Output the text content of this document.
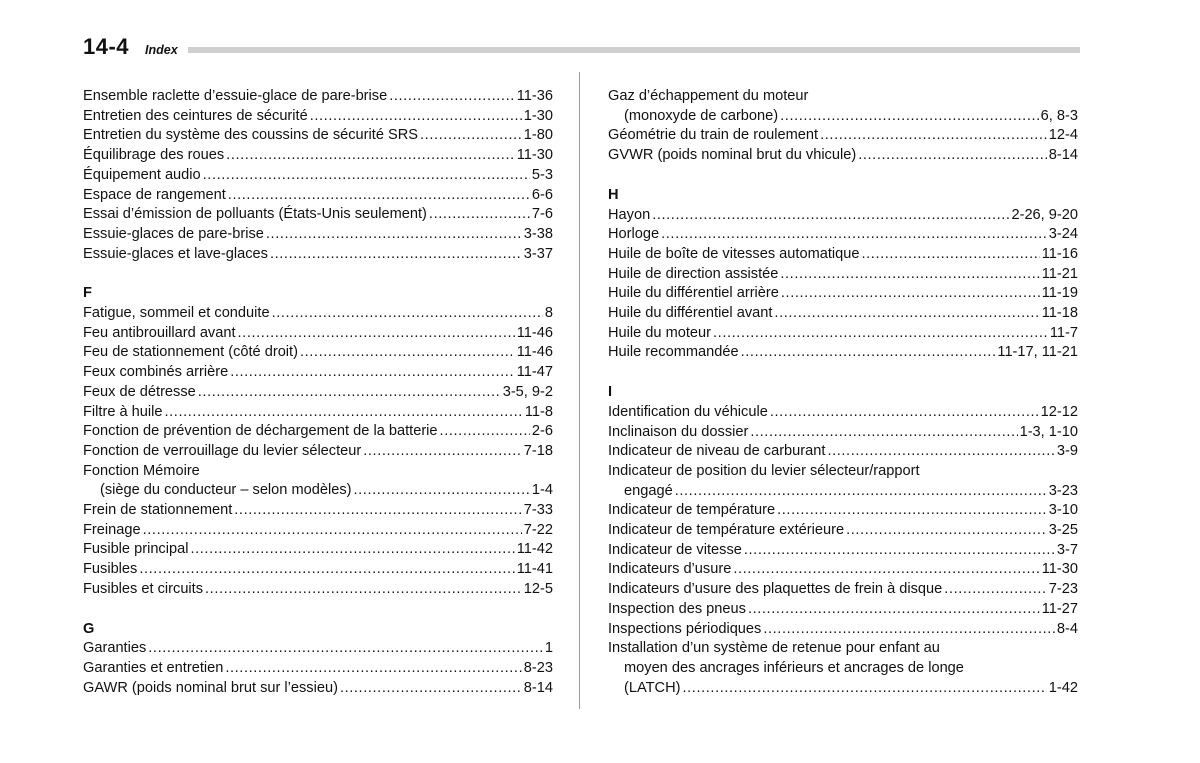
14-4 Index
Ensemble raclette d’essuie-glace de pare-brise .....	11-36
Entretien des ceintures de sécurité .....	1-30
Entretien du système des coussins de sécurité SRS .....	1-80
Équilibrage des roues .....	11-30
Équipement audio .....	5-3
Espace de rangement .....	6-6
Essai d’émission de polluants (États-Unis seulement) .....	7-6
Essuie-glaces de pare-brise .....	3-38
Essuie-glaces et lave-glaces .....	3-37
F
Fatigue, sommeil et conduite .....	8
Feu antibrouillard avant .....	11-46
Feu de stationnement (côté droit) .....	11-46
Feux combinés arrière .....	11-47
Feux de détresse .....	3-5, 9-2
Filtre à huile .....	11-8
Fonction de prévention de déchargement de la batterie .....	2-6
Fonction de verrouillage du levier sélecteur .....	7-18
Fonction Mémoire
(siège du conducteur – selon modèles) .....	1-4
Frein de stationnement .....	7-33
Freinage .....	7-22
Fusible principal .....	11-42
Fusibles .....	11-41
Fusibles et circuits .....	12-5
G
Garanties .....	1
Garanties et entretien .....	8-23
GAWR (poids nominal brut sur l’essieu) .....	8-14
Gaz d’échappement du moteur
(monoxyde de carbone) .....	6, 8-3
Géométrie du train de roulement .....	12-4
GVWR (poids nominal brut du vhicule) .....	8-14
H
Hayon .....	2-26, 9-20
Horloge .....	3-24
Huile de boîte de vitesses automatique .....	11-16
Huile de direction assistée .....	11-21
Huile du différentiel arrière .....	11-19
Huile du différentiel avant .....	11-18
Huile du moteur .....	11-7
Huile recommandée .....	11-17, 11-21
I
Identification du véhicule .....	12-12
Inclinaison du dossier .....	1-3, 1-10
Indicateur de niveau de carburant .....	3-9
Indicateur de position du levier sélecteur/rapport
engagé .....	3-23
Indicateur de température .....	3-10
Indicateur de température extérieure .....	3-25
Indicateur de vitesse .....	3-7
Indicateurs d’usure .....	11-30
Indicateurs d’usure des plaquettes de frein à disque .....	7-23
Inspection des pneus .....	11-27
Inspections périodiques .....	8-4
Installation d’un système de retenue pour enfant au
moyen des ancrages inférieurs et ancrages de longe
(LATCH) .....	1-42
